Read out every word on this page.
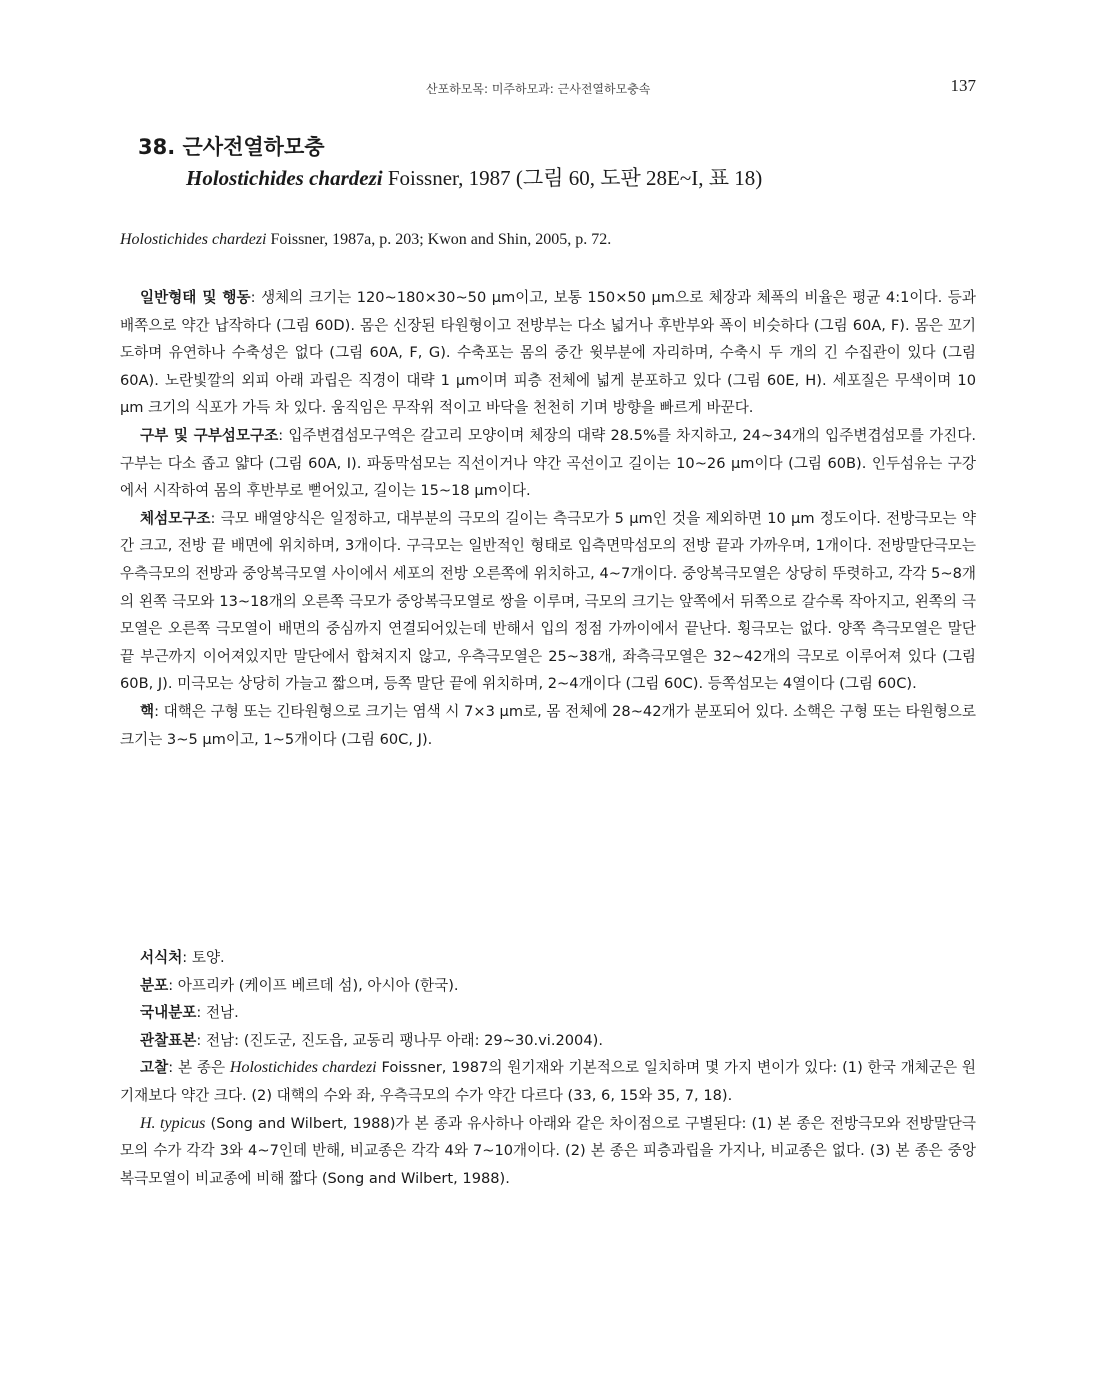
산포하모목: 미주하모과: 근사전열하모충속	137
38. 근사전열하모충
Holostichides chardezi Foissner, 1987 (그림 60, 도판 28E~I, 표 18)
Holostichides chardezi Foissner, 1987a, p. 203; Kwon and Shin, 2005, p. 72.

일반형태 및 행동: 생체의 크기는 120~180×30~50 μm이고, 보통 150×50 μm으로 체장과 체폭의 비율은 평균 4:1이다. 등과 배쪽으로 약간 납작하다 (그림 60D). 몸은 신장된 타원형이고 전방부는 다소 넓거나 후반부와 폭이 비슷하다 (그림 60A, F). 몸은 꼬기도하며 유연하나 수축성은 없다 (그림 60A, F, G). 수축포는 몸의 중간 윗부분에 자리하며, 수축시 두 개의 긴 수집관이 있다 (그림 60A). 노란빛깔의 외피 아래 과립은 직경이 대략 1 μm이며 피층 전체에 넓게 분포하고 있다 (그림 60E, H). 세포질은 무색이며 10 μm 크기의 식포가 가득 차 있다. 움직임은 무작위 적이고 바닥을 천천히 기며 방향을 빠르게 바꾼다.

구부 및 구부섬모구조: 입주변겹섬모구역은 갈고리 모양이며 체장의 대략 28.5%를 차지하고, 24~34개의 입주변겹섬모를 가진다. 구부는 다소 좁고 얇다 (그림 60A, I). 파동막섬모는 직선이거나 약간 곡선이고 길이는 10~26 μm이다 (그림 60B). 인두섬유는 구강에서 시작하여 몸의 후반부로 뻗어있고, 길이는 15~18 μm이다.

체섬모구조: 극모 배열양식은 일정하고, 대부분의 극모의 길이는 측극모가 5 μm인 것을 제외하면 10 μm 정도이다. 전방극모는 약간 크고, 전방 끝 배면에 위치하며, 3개이다. 구극모는 일반적인 형태로 입측면막섬모의 전방 끝과 가까우며, 1개이다. 전방말단극모는 우측극모의 전방과 중앙복극모열 사이에서 세포의 전방 오른쪽에 위치하고, 4~7개이다. 중앙복극모열은 상당히 뚜렷하고, 각각 5~8개의 왼쪽 극모와 13~18개의 오른쪽 극모가 중앙복극모열로 쌍을 이루며, 극모의 크기는 앞쪽에서 뒤쪽으로 갈수록 작아지고, 왼쪽의 극모열은 오른쪽 극모열이 배면의 중심까지 연결되어있는데 반해서 입의 정점 가까이에서 끝난다. 횡극모는 없다. 양쪽 측극모열은 말단 끝 부근까지 이어져있지만 말단에서 합쳐지지 않고, 우측극모열은 25~38개, 좌측극모열은 32~42개의 극모로 이루어져 있다 (그림 60B, J). 미극모는 상당히 가늘고 짧으며, 등쪽 말단 끝에 위치하며, 2~4개이다 (그림 60C). 등쪽섬모는 4열이다 (그림 60C).

핵: 대핵은 구형 또는 긴타원형으로 크기는 염색 시 7×3 μm로, 몸 전체에 28~42개가 분포되어 있다. 소핵은 구형 또는 타원형으로 크기는 3~5 μm이고, 1~5개이다 (그림 60C, J).

서식처: 토양.

분포: 아프리카 (케이프 베르데 섬), 아시아 (한국).

국내분포: 전남.

관찰표본: 전남: (진도군, 진도읍, 교동리 팽나무 아래: 29~30.vi.2004).

고찰: 본 종은 Holostichides chardezi Foissner, 1987의 원기재와 기본적으로 일치하며 몇 가지 변이가 있다: (1) 한국 개체군은 원기재보다 약간 크다. (2) 대핵의 수와 좌, 우측극모의 수가 약간 다르다 (33, 6, 15와 35, 7, 18).

H. typicus (Song and Wilbert, 1988)가 본 종과 유사하나 아래와 같은 차이점으로 구별된다: (1) 본 종은 전방극모와 전방말단극모의 수가 각각 3와 4~7인데 반해, 비교종은 각각 4와 7~10개이다. (2) 본 종은 피층과립을 가지나, 비교종은 없다. (3) 본 종은 중앙복극모열이 비교종에 비해 짧다 (Song and Wilbert, 1988).
